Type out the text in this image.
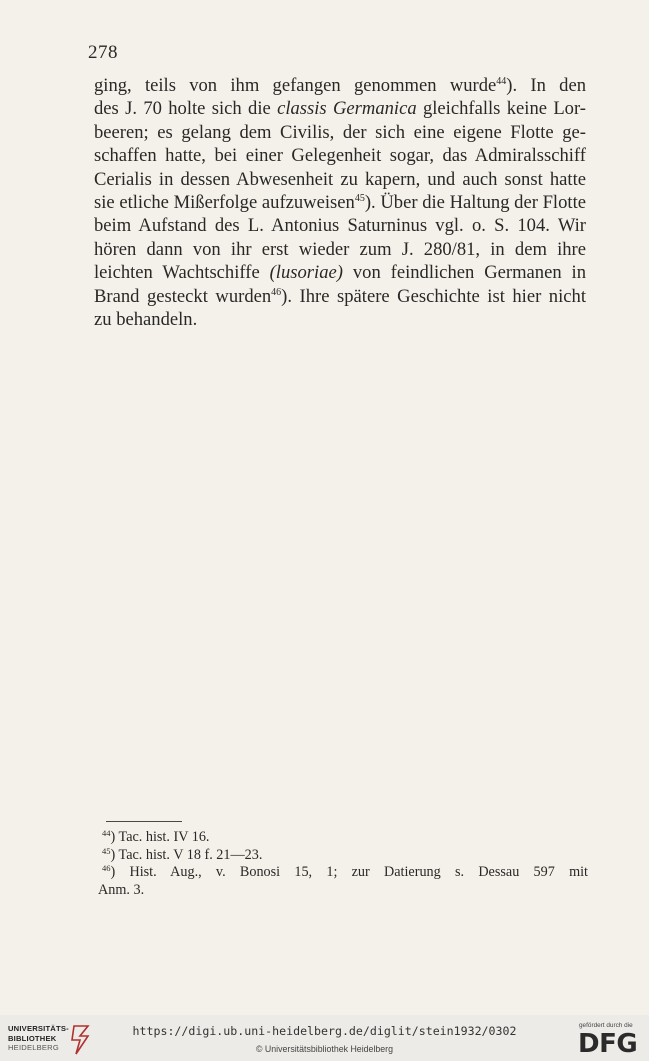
278
ging, teils von ihm gefangen genommen wurde$^{44}$). In den
des J. 70 holte sich die classis Germanica gleichfalls keine Lor-
beeren; es gelang dem Civilis, der sich eine eigene Flotte ge-
schaffen hatte, bei einer Gelegenheit sogar, das Admiralsschiff
Cerialis in dessen Abwesenheit zu kapern, und auch sonst hatte
sie etliche Mißerfolge aufzuweisen$^{45}$). Über die Haltung der Flotte
beim Aufstand des L. Antonius Saturninus vgl. o. S. 104. Wir
hören dann von ihr erst wieder zum J. 280/81, in dem ihre
leichten Wachtschiffe (lusoriae) von feindlichen Germanen in
Brand gesteckt wurden$^{46}$). Ihre spätere Geschichte ist hier nicht
zu behandeln.
$^{44}$) Tac. hist. IV 16.
$^{45}$) Tac. hist. V 18 f. 21—23.
$^{46}$) Hist. Aug., v. Bonosi 15, 1; zur Datierung s. Dessau 597 mit
Anm. 3.
UNIVERSITÄTS-
BIBLIOTHEK
HEIDELBERG
https://digi.ub.uni-heidelberg.de/diglit/stein1932/0302
© Universitätsbibliothek Heidelberg
gefördert durch die
DFG
